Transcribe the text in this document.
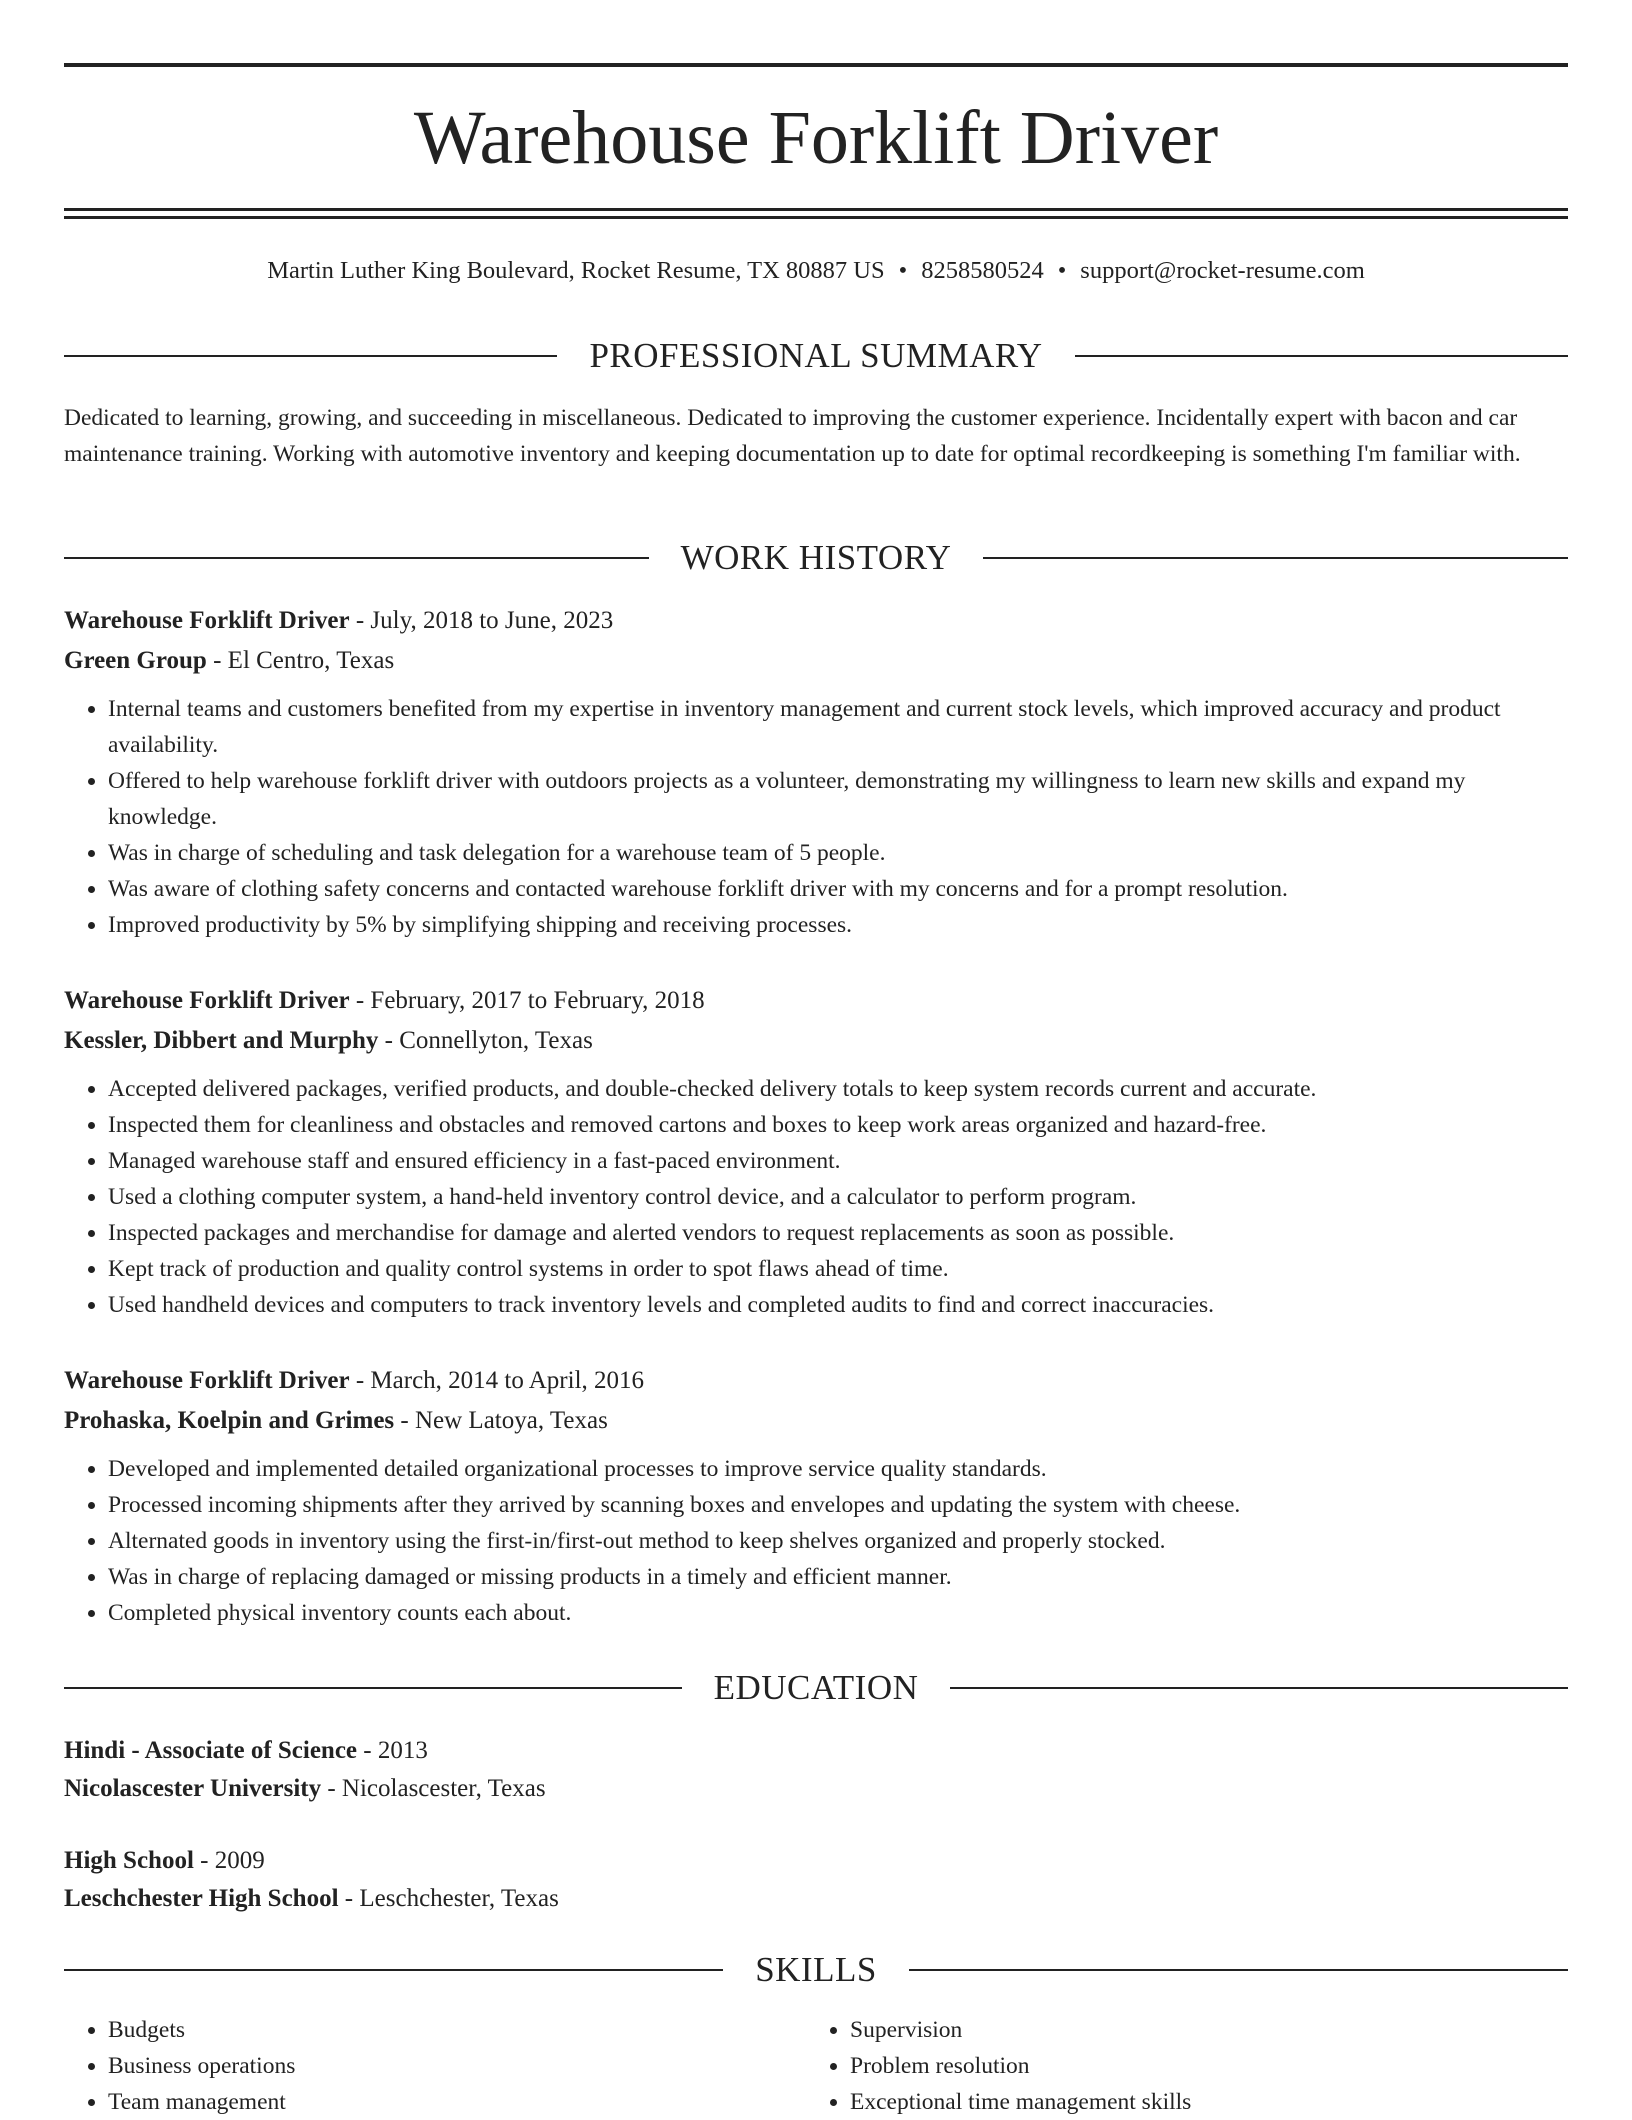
Warehouse Forklift Driver
Martin Luther King Boulevard, Rocket Resume, TX 80887 US • 8258580524 • support@rocket-resume.com
PROFESSIONAL SUMMARY

Dedicated to learning, growing, and succeeding in miscellaneous. Dedicated to improving the customer experience. Incidentally expert with bacon and car maintenance training. Working with automotive inventory and keeping documentation up to date for optimal recordkeeping is something I'm familiar with.

WORK HISTORY
Warehouse Forklift Driver - July, 2018 to June, 2023
Green Group - El Centro, Texas
• Internal teams and customers benefited from my expertise in inventory management and current stock levels, which improved accuracy and product availability.
• Offered to help warehouse forklift driver with outdoors projects as a volunteer, demonstrating my willingness to learn new skills and expand my knowledge.
• Was in charge of scheduling and task delegation for a warehouse team of 5 people.
• Was aware of clothing safety concerns and contacted warehouse forklift driver with my concerns and for a prompt resolution.
• Improved productivity by 5% by simplifying shipping and receiving processes.
Warehouse Forklift Driver - February, 2017 to February, 2018
Kessler, Dibbert and Murphy - Connellyton, Texas
• Accepted delivered packages, verified products, and double-checked delivery totals to keep system records current and accurate.
• Inspected them for cleanliness and obstacles and removed cartons and boxes to keep work areas organized and hazard-free.
• Managed warehouse staff and ensured efficiency in a fast-paced environment.
• Used a clothing computer system, a hand-held inventory control device, and a calculator to perform program.
• Inspected packages and merchandise for damage and alerted vendors to request replacements as soon as possible.
• Kept track of production and quality control systems in order to spot flaws ahead of time.
• Used handheld devices and computers to track inventory levels and completed audits to find and correct inaccuracies.
Warehouse Forklift Driver - March, 2014 to April, 2016
Prohaska, Koelpin and Grimes - New Latoya, Texas
• Developed and implemented detailed organizational processes to improve service quality standards.
• Processed incoming shipments after they arrived by scanning boxes and envelopes and updating the system with cheese.
• Alternated goods in inventory using the first-in/first-out method to keep shelves organized and properly stocked.
• Was in charge of replacing damaged or missing products in a timely and efficient manner.
• Completed physical inventory counts each about.
EDUCATION
Hindi - Associate of Science - 2013
Nicolascester University - Nicolascester, Texas
High School - 2009
Leschchester High School - Leschchester, Texas
SKILLS
• Budgets
• Business operations
• Team management
• Supervision
• Problem resolution
• Exceptional time management skills
